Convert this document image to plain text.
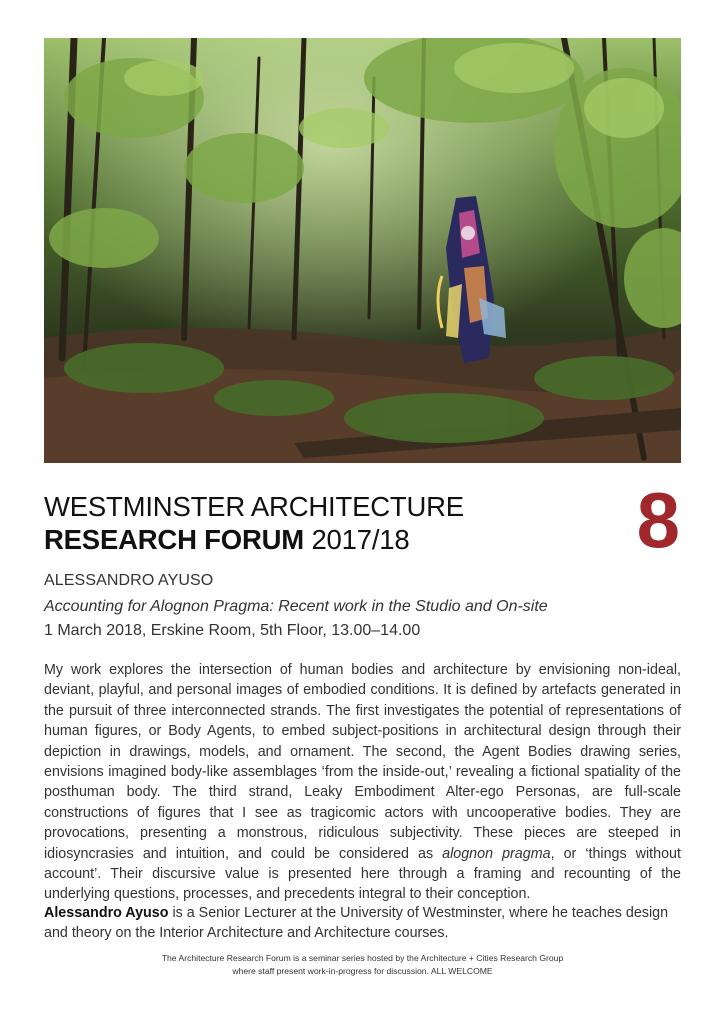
WESTMINSTER ARCHITECTURE
RESEARCH FORUM 2017/18	8
ALESSANDRO AYUSO
Accounting for Alognon Pragma: Recent work in the Studio and On-site
1 March 2018, Erskine Room, 5th Floor, 13.00–14.00

My work explores the intersection of human bodies and architecture by envisioning non-ideal, deviant, playful, and personal images of embodied conditions. It is defined by artefacts generated in the pursuit of three interconnected strands. The first investigates the potential of representations of human figures, or Body Agents, to embed subject-positions in architectural design through their depiction in drawings, models, and ornament. The second, the Agent Bodies drawing series, envisions imagined body-like assemblages ‘from the inside-out,’ revealing a fictional spatiality of the posthuman body. The third strand, Leaky Embodiment Alter-ego Personas, are full-scale constructions of figures that I see as tragicomic actors with uncooperative bodies. They are provocations, presenting a monstrous, ridiculous subjectivity. These pieces are steeped in idiosyncrasies and intuition, and could be considered as alognon pragma, or ‘things without account’. Their discursive value is presented here through a framing and recounting of the underlying questions, processes, and precedents integral to their conception.

Alessandro Ayuso is a Senior Lecturer at the University of Westminster, where he teaches design and theory on the Interior Architecture and Architecture courses.
The Architecture Research Forum is a seminar series hosted by the Architecture + Cities Research Group
where staff present work-in-progress for discussion. ALL WELCOME
